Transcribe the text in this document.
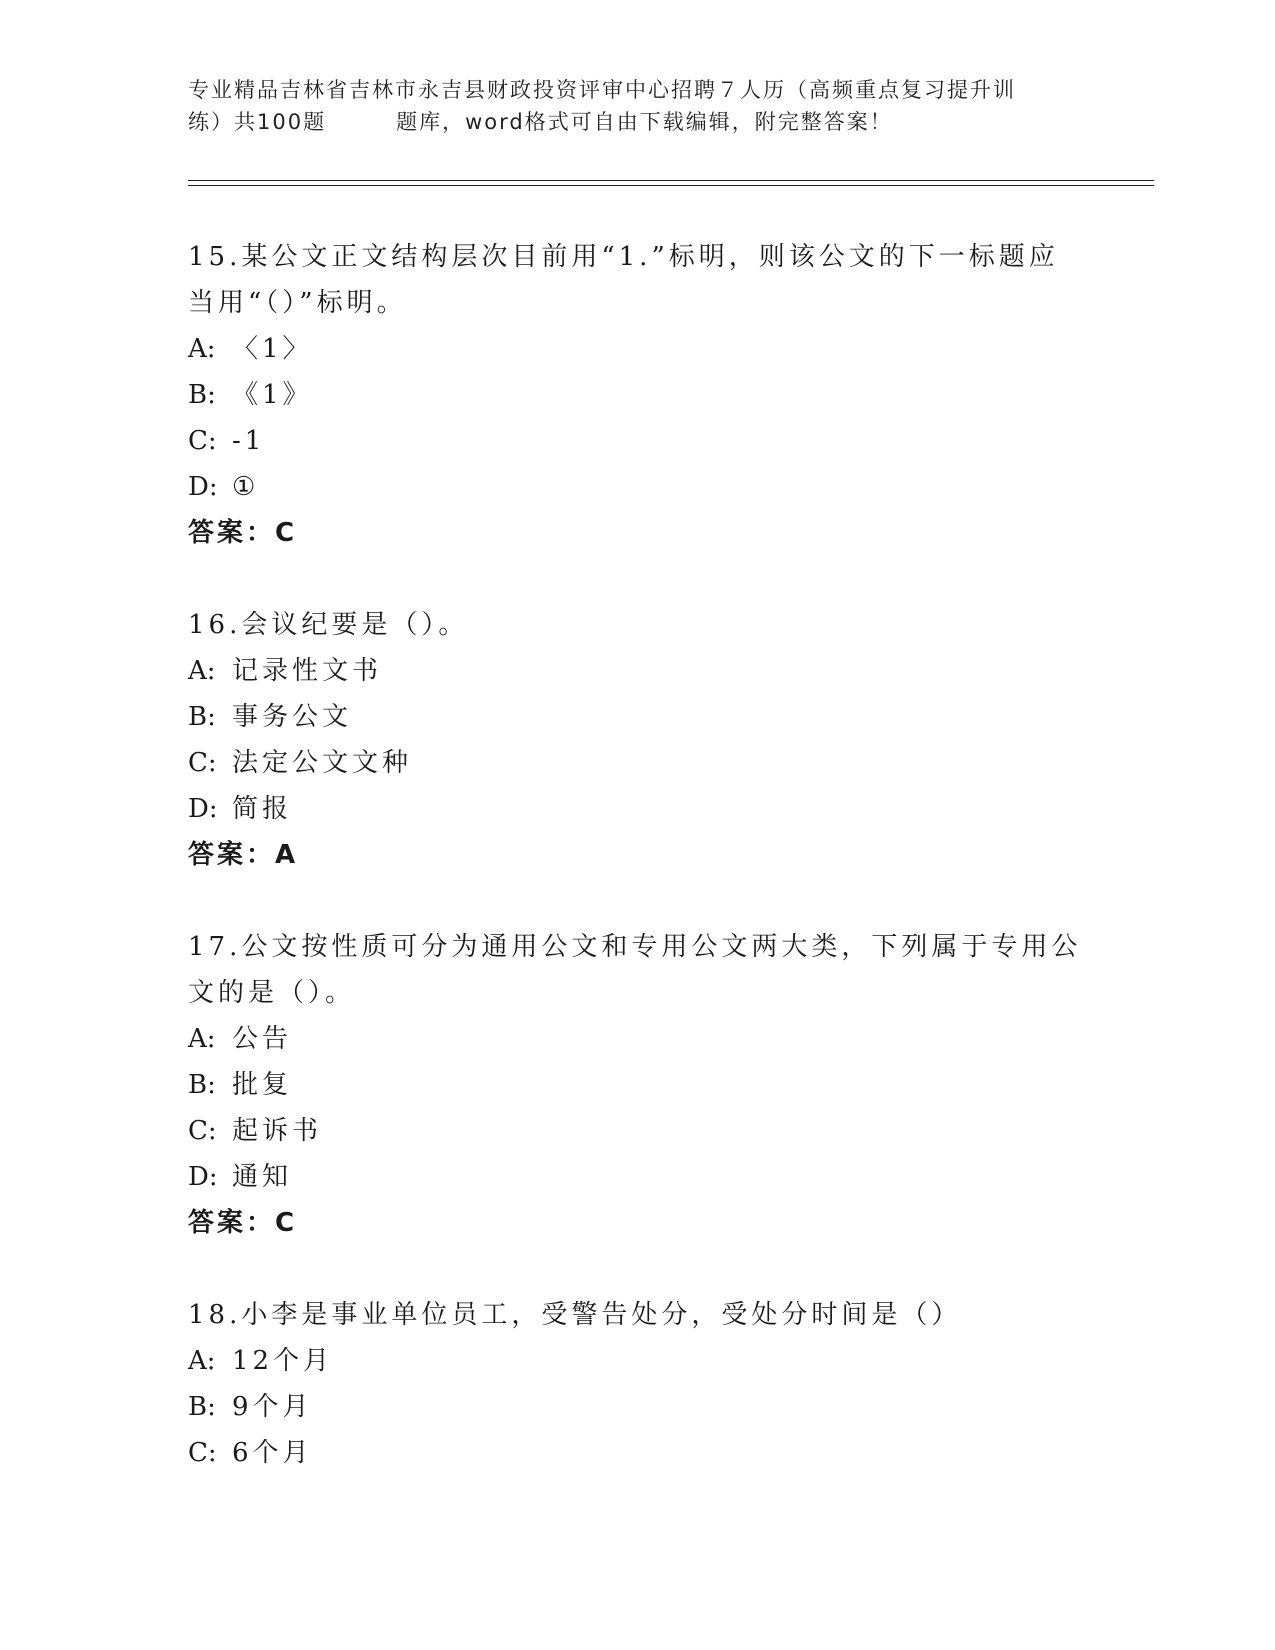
专业精品吉林省吉林市永吉县财政投资评审中心招聘７人历（高频重点复习提升训
练）共100题	题库，word格式可自由下载编辑，附完整答案！

15.某公文正文结构层次目前用“1.”标明，则该公文的下一标题应当用“（）”标明。

A: 〈1〉

B: 《1》

C: -1

D: ①

答案：C

16.会议纪要是（）。

A: 记录性文书

B: 事务公文

C: 法定公文文种

D: 简报

答案：A

17.公文按性质可分为通用公文和专用公文两大类，下列属于专用公文的是（）。

A: 公告

B: 批复

C: 起诉书

D: 通知

答案：C

18.小李是事业单位员工，受警告处分，受处分时间是（）

A: 12个月

B: 9个月

C: 6个月
